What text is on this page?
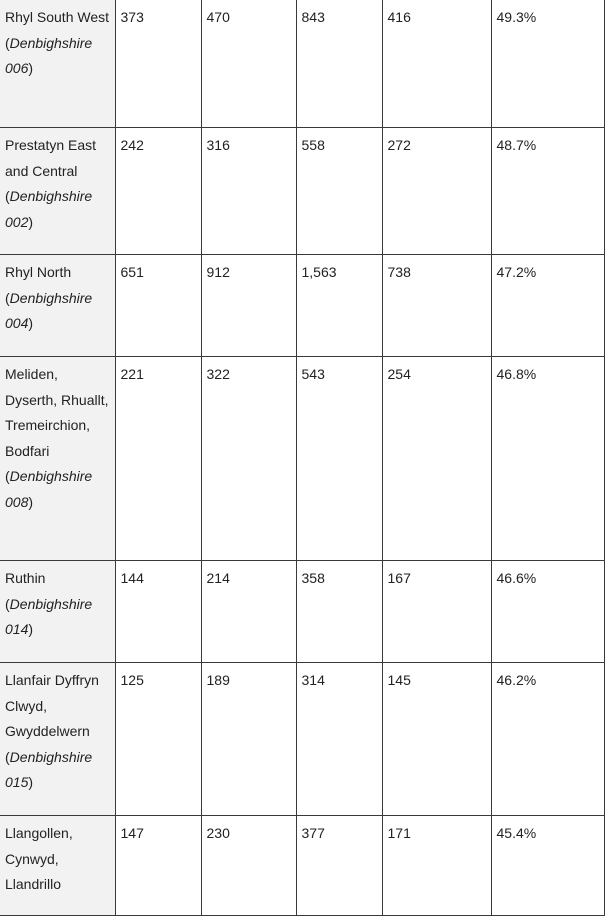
Rhyl South West (Denbighshire 006)	373	470	843	416	49.3%
Prestatyn East and Central (Denbighshire 002)	242	316	558	272	48.7%
Rhyl North (Denbighshire 004)	651	912	1,563	738	47.2%
Meliden, Dyserth, Rhuallt, Tremeirchion, Bodfari (Denbighshire 008)	221	322	543	254	46.8%
Ruthin (Denbighshire 014)	144	214	358	167	46.6%
Llanfair Dyffryn Clwyd, Gwyddelwern (Denbighshire 015)	125	189	314	145	46.2%
Llangollen, Cynwyd, Llandrillo	147	230	377	171	45.4%
